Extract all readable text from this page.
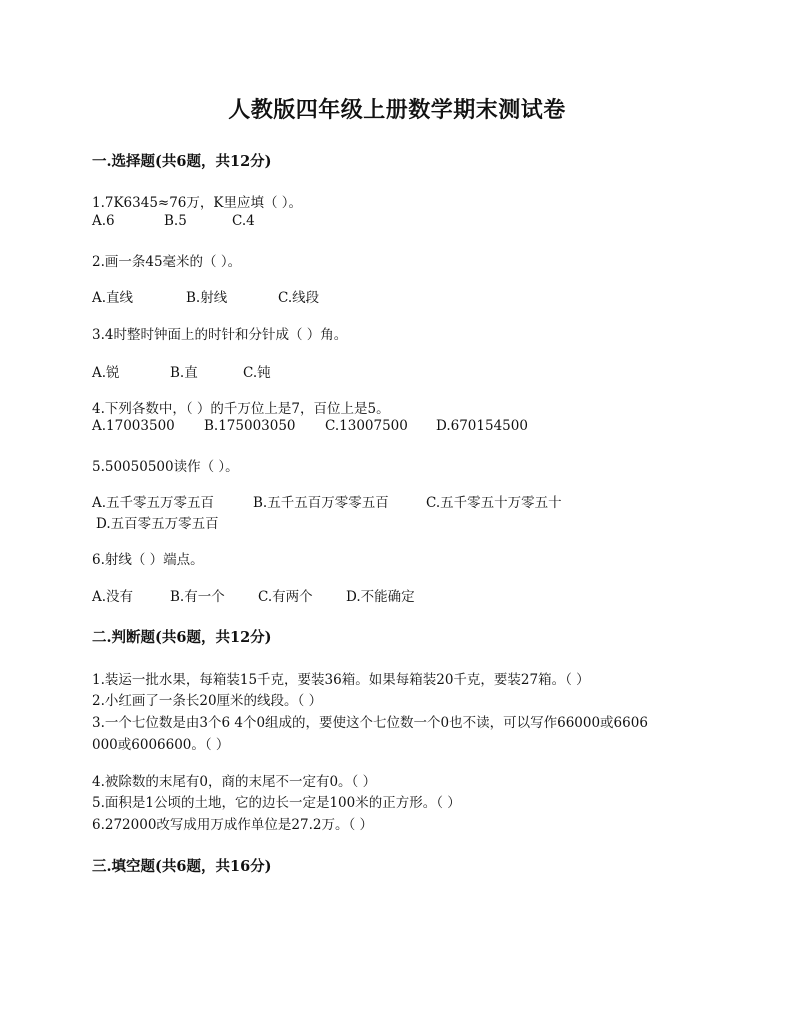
人教版四年级上册数学期末测试卷
一.选择题(共6题，共12分)
1.7K6345≈76万，K里应填（ ）。
A.6	B.5	C.4
2.画一条45毫米的（ ）。
A.直线	B.射线	C.线段
3.4时整时钟面上的时针和分针成（ ）角。
A.锐	B.直	C.钝
4.下列各数中，（ ）的千万位上是7，百位上是5。
A.17003500 B.175003050 C.13007500 D.670154500
5.50050500读作（ ）。
A.五千零五万零五百	B.五千五百万零零五百	C.五千零五十万零五十
D.五百零五万零五百
6.射线（ ）端点。
A.没有	B.有一个 C.有两个 D.不能确定
二.判断题(共6题，共12分)
1.装运一批水果，每箱装15千克，要装36箱。如果每箱装20千克，要装27箱。（ ）
2.小红画了一条长20厘米的线段。（ ）
3.一个七位数是由3个6 4个0组成的，要使这个七位数一个0也不读，可以写作66000或6606
000或6006600。（ ）
4.被除数的末尾有0，商的末尾不一定有0。（ ）
5.面积是1公顷的土地，它的边长一定是100米的正方形。（ ）
6.272000改写成用万成作单位是27.2万。（ ）
三.填空题(共6题，共16分)
